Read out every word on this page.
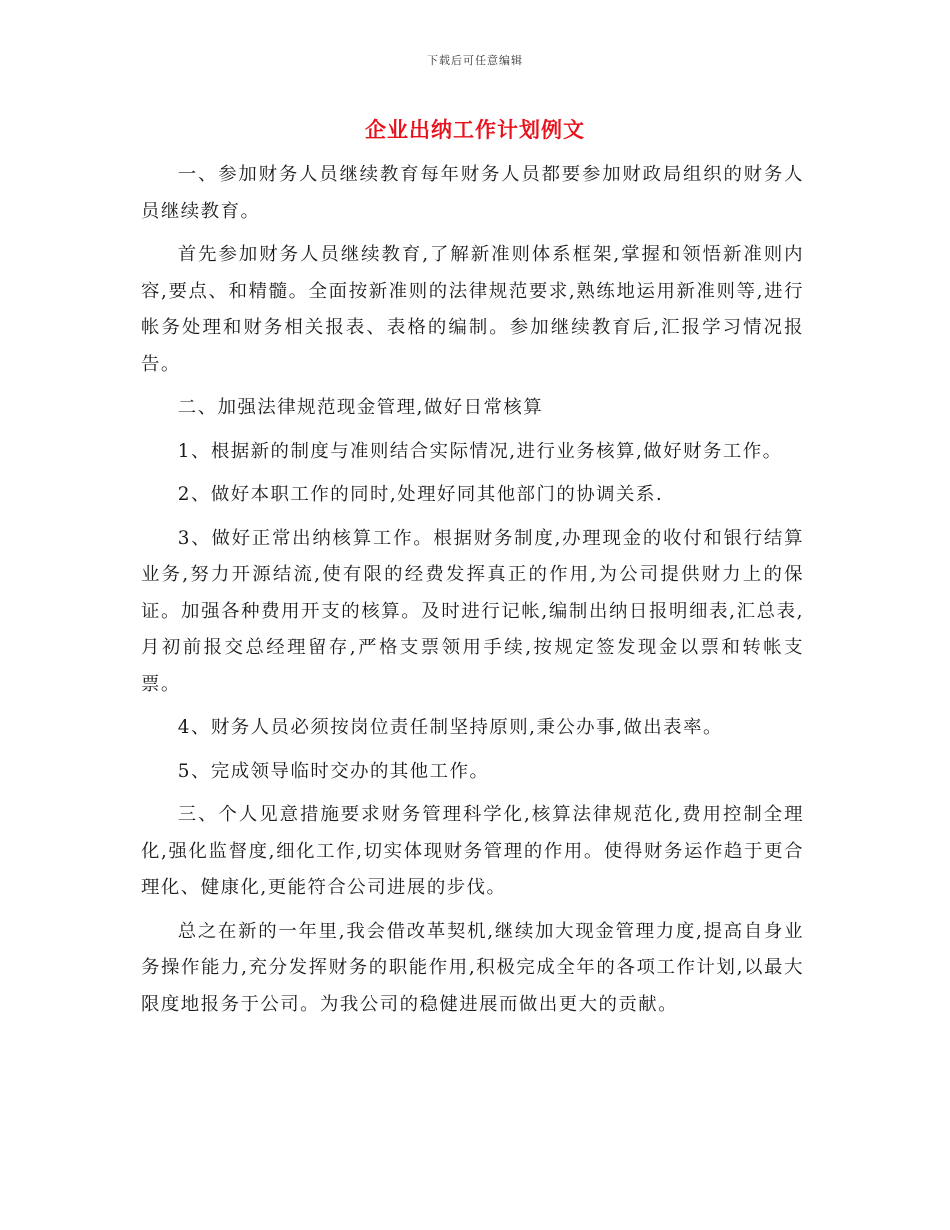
下载后可任意编辑
企业出纳工作计划例文

一、参加财务人员继续教育每年财务人员都要参加财政局组织的财务人员继续教育。

首先参加财务人员继续教育,了解新准则体系框架,掌握和领悟新准则内容,要点、和精髓。全面按新准则的法律规范要求,熟练地运用新准则等,进行帐务处理和财务相关报表、表格的编制。参加继续教育后,汇报学习情况报告。

二、加强法律规范现金管理,做好日常核算

1、根据新的制度与准则结合实际情况,进行业务核算,做好财务工作。

2、做好本职工作的同时,处理好同其他部门的协调关系.

3、做好正常出纳核算工作。根据财务制度,办理现金的收付和银行结算业务,努力开源结流,使有限的经费发挥真正的作用,为公司提供财力上的保证。加强各种费用开支的核算。及时进行记帐,编制出纳日报明细表,汇总表,月初前报交总经理留存,严格支票领用手续,按规定签发现金以票和转帐支票。

4、财务人员必须按岗位责任制坚持原则,秉公办事,做出表率。

5、完成领导临时交办的其他工作。

三、个人见意措施要求财务管理科学化,核算法律规范化,费用控制全理化,强化监督度,细化工作,切实体现财务管理的作用。使得财务运作趋于更合理化、健康化,更能符合公司进展的步伐。

总之在新的一年里,我会借改革契机,继续加大现金管理力度,提高自身业务操作能力,充分发挥财务的职能作用,积极完成全年的各项工作计划,以最大限度地报务于公司。为我公司的稳健进展而做出更大的贡献。
